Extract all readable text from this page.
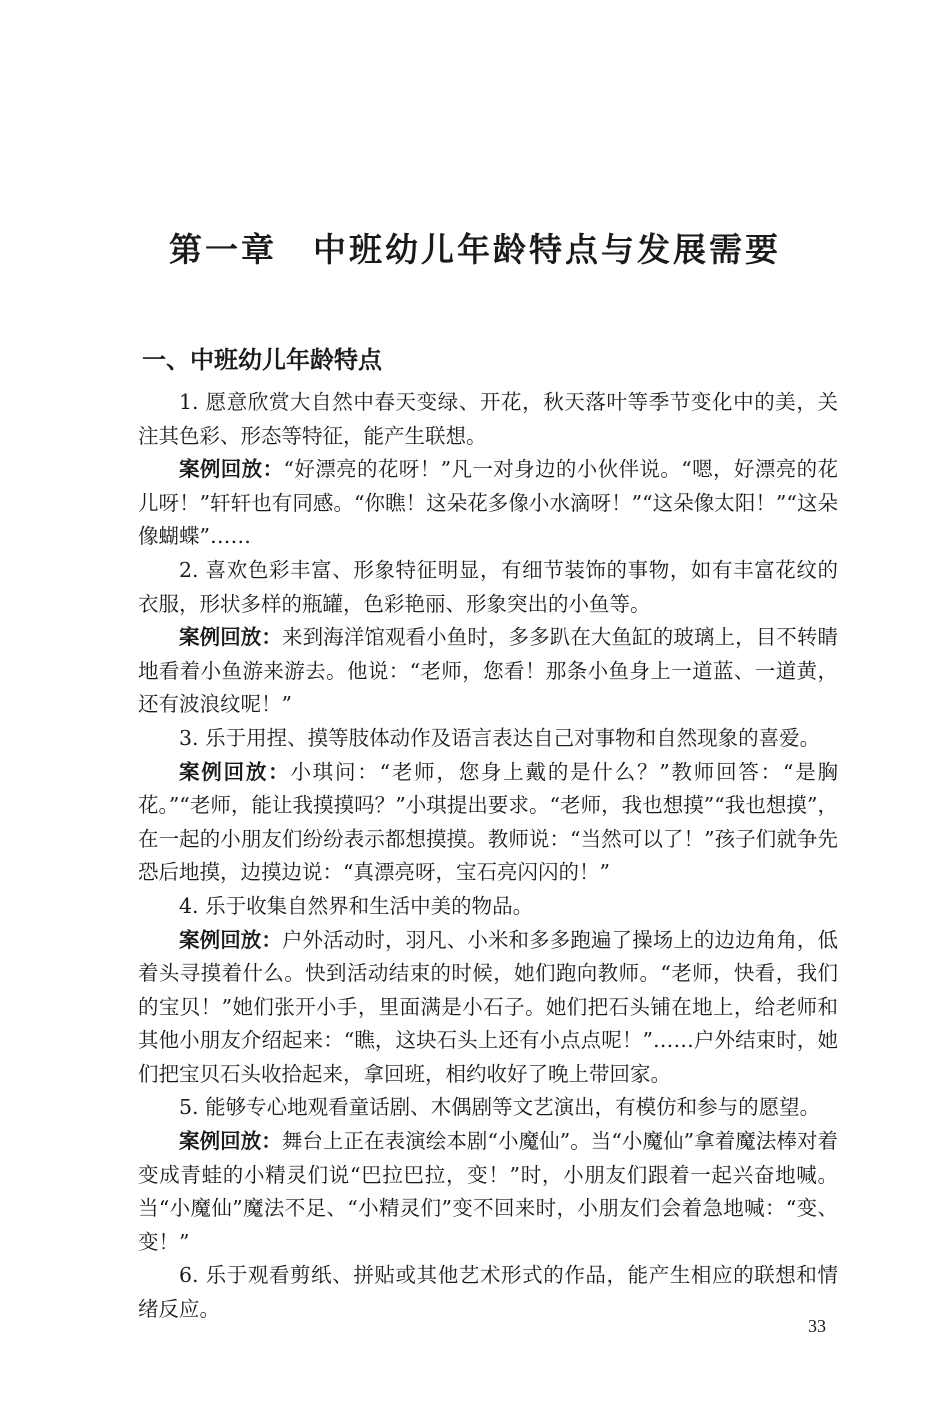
第一章 中班幼儿年龄特点与发展需要
一、中班幼儿年龄特点

1. 愿意欣赏大自然中春天变绿、开花，秋天落叶等季节变化中的美，关注其色彩、形态等特征，能产生联想。

案例回放：“好漂亮的花呀！”凡一对身边的小伙伴说。“嗯，好漂亮的花儿呀！”轩轩也有同感。“你瞧！这朵花多像小水滴呀！”“这朵像太阳！”“这朵像蝴蝶”……

2. 喜欢色彩丰富、形象特征明显，有细节装饰的事物，如有丰富花纹的衣服，形状多样的瓶罐，色彩艳丽、形象突出的小鱼等。

案例回放：来到海洋馆观看小鱼时，多多趴在大鱼缸的玻璃上，目不转睛地看着小鱼游来游去。他说：“老师，您看！那条小鱼身上一道蓝、一道黄，还有波浪纹呢！”

3. 乐于用捏、摸等肢体动作及语言表达自己对事物和自然现象的喜爱。

案例回放：小琪问：“老师，您身上戴的是什么？”教师回答：“是胸花。”“老师，能让我摸摸吗？”小琪提出要求。“老师，我也想摸”“我也想摸”，在一起的小朋友们纷纷表示都想摸摸。教师说：“当然可以了！”孩子们就争先恐后地摸，边摸边说：“真漂亮呀，宝石亮闪闪的！”

4. 乐于收集自然界和生活中美的物品。

案例回放：户外活动时，羽凡、小米和多多跑遍了操场上的边边角角，低着头寻摸着什么。快到活动结束的时候，她们跑向教师。“老师，快看，我们的宝贝！”她们张开小手，里面满是小石子。她们把石头铺在地上，给老师和其他小朋友介绍起来：“瞧，这块石头上还有小点点呢！”……户外结束时，她们把宝贝石头收拾起来，拿回班，相约收好了晚上带回家。

5. 能够专心地观看童话剧、木偶剧等文艺演出，有模仿和参与的愿望。

案例回放：舞台上正在表演绘本剧“小魔仙”。当“小魔仙”拿着魔法棒对着变成青蛙的小精灵们说“巴拉巴拉，变！”时，小朋友们跟着一起兴奋地喊。当“小魔仙”魔法不足、“小精灵们”变不回来时，小朋友们会着急地喊：“变、变！”

6. 乐于观看剪纸、拼贴或其他艺术形式的作品，能产生相应的联想和情绪反应。

33
